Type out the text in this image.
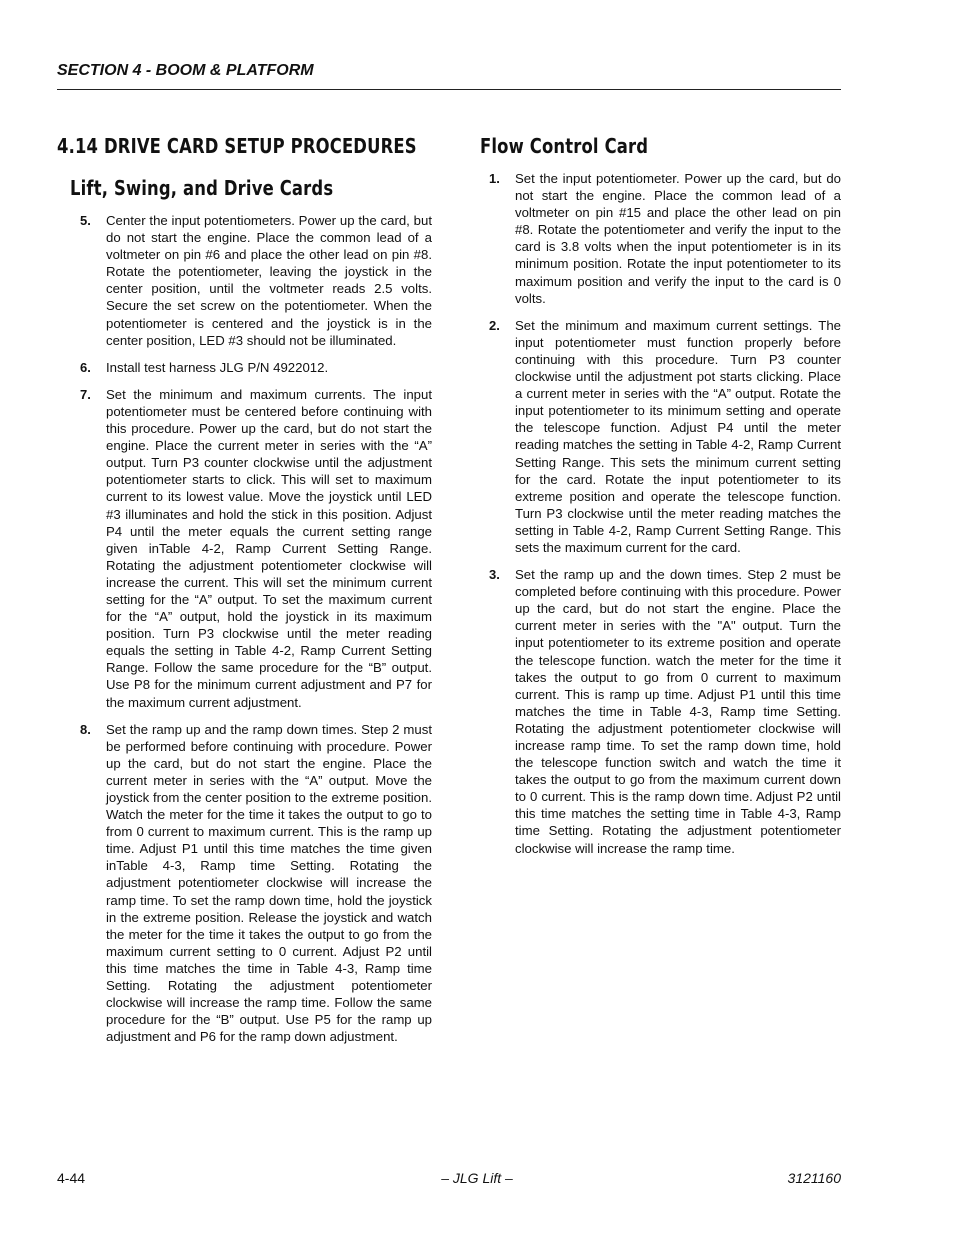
SECTION 4 - BOOM & PLATFORM
4.14 DRIVE CARD SETUP PROCEDURES
Lift, Swing, and Drive Cards
5. Center the input potentiometers. Power up the card, but do not start the engine. Place the common lead of a voltmeter on pin #6 and place the other lead on pin #8. Rotate the potentiometer, leaving the joystick in the center position, until the voltmeter reads 2.5 volts. Secure the set screw on the potentiometer. When the potentiometer is centered and the joystick is in the center position, LED #3 should not be illuminated.
6. Install test harness JLG P/N 4922012.
7. Set the minimum and maximum currents. The input potentiometer must be centered before continuing with this procedure. Power up the card, but do not start the engine. Place the current meter in series with the “A” output. Turn P3 counter clockwise until the adjustment potentiometer starts to click. This will set to maximum current to its lowest value. Move the joystick until LED #3 illuminates and hold the stick in this position. Adjust P4 until the meter equals the current setting range given inTable 4-2, Ramp Current Setting Range. Rotating the adjustment potentiometer clockwise will increase the current. This will set the minimum current setting for the “A” output. To set the maximum current for the “A” output, hold the joystick in its maximum position. Turn P3 clockwise until the meter reading equals the setting in Table 4-2, Ramp Current Setting Range. Follow the same procedure for the “B” output. Use P8 for the minimum current adjustment and P7 for the maximum current adjustment.
8. Set the ramp up and the ramp down times. Step 2 must be performed before continuing with procedure. Power up the card, but do not start the engine. Place the current meter in series with the “A” output. Move the joystick from the center position to the extreme position. Watch the meter for the time it takes the output to go to from 0 current to maximum current. This is the ramp up time. Adjust P1 until this time matches the time given inTable 4-3, Ramp time Setting. Rotating the adjustment potentiometer clockwise will increase the ramp time. To set the ramp down time, hold the joystick in the extreme position. Release the joystick and watch the meter for the time it takes the output to go from the maximum current setting to 0 current. Adjust P2 until this time matches the time in Table 4-3, Ramp time Setting. Rotating the adjustment potentiometer clockwise will increase the ramp time. Follow the same procedure for the “B” output. Use P5 for the ramp up adjustment and P6 for the ramp down adjustment.
Flow Control Card
1. Set the input potentiometer. Power up the card, but do not start the engine. Place the common lead of a voltmeter on pin #15 and place the other lead on pin #8. Rotate the potentiometer and verify the input to the card is 3.8 volts when the input potentiometer is in its minimum position. Rotate the input potentiometer to its maximum position and verify the input to the card is 0 volts.
2. Set the minimum and maximum current settings. The input potentiometer must function properly before continuing with this procedure. Turn P3 counter clockwise until the adjustment pot starts clicking. Place a current meter in series with the “A” output. Rotate the input potentiometer to its minimum setting and operate the telescope function. Adjust P4 until the meter reading matches the setting in Table 4-2, Ramp Current Setting Range. This sets the minimum current setting for the card. Rotate the input potentiometer to its extreme position and operate the telescope function. Turn P3 clockwise until the meter reading matches the setting in Table 4-2, Ramp Current Setting Range. This sets the maximum current for the card.
3. Set the ramp up and the down times. Step 2 must be completed before continuing with this procedure. Power up the card, but do not start the engine. Place the current meter in series with the "A" output. Turn the input potentiometer to its extreme position and operate the telescope function. watch the meter for the time it takes the output to go from 0 current to maximum current. This is ramp up time. Adjust P1 until this time matches the time in Table 4-3, Ramp time Setting. Rotating the adjustment potentiometer clockwise will increase ramp time. To set the ramp down time, hold the telescope function switch and watch the time it takes the output to go from the maximum current down to 0 current. This is the ramp down time. Adjust P2 until this time matches the setting time in Table 4-3, Ramp time Setting. Rotating the adjustment potentiometer clockwise will increase the ramp time.
4-44	– JLG Lift –	3121160
